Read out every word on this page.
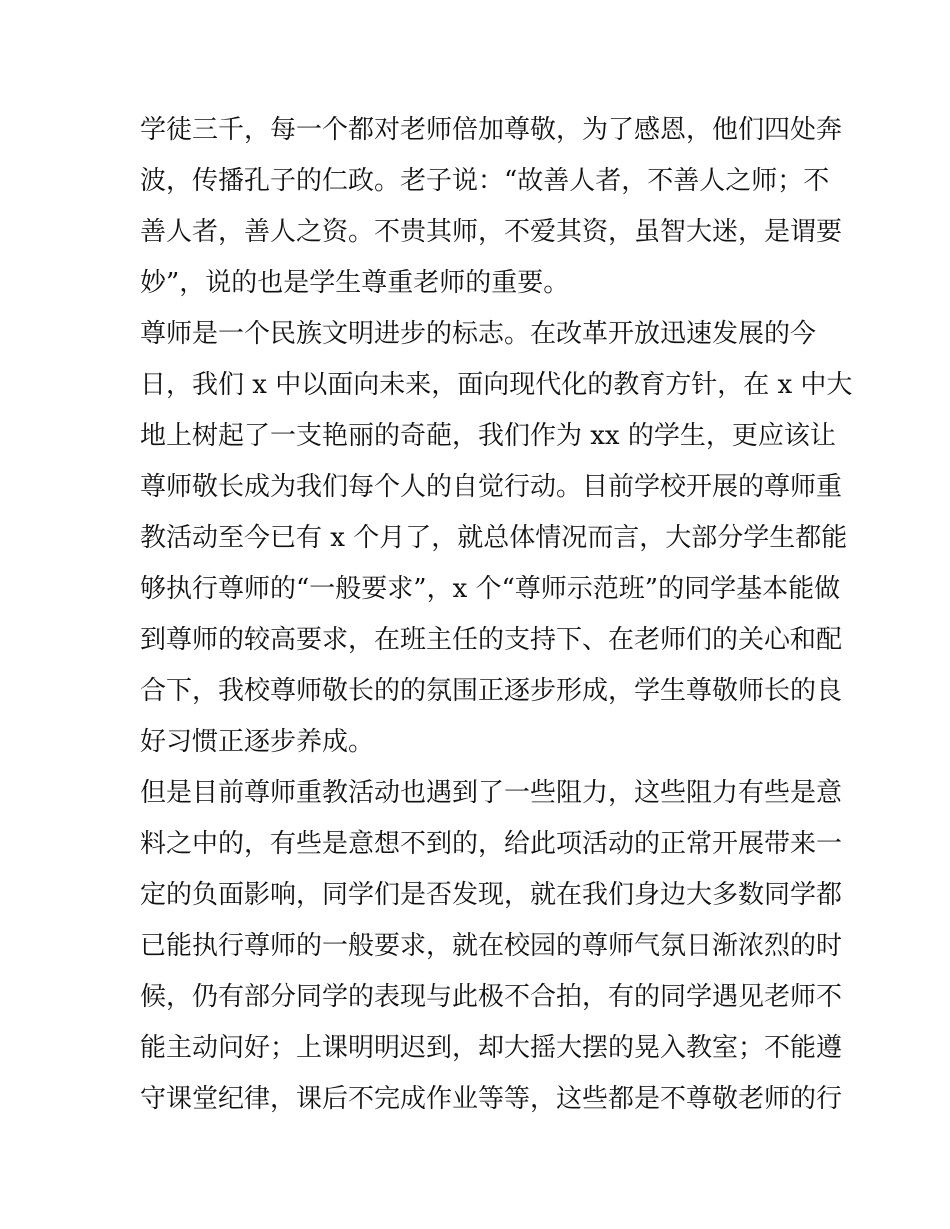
学徒三千，每一个都对老师倍加尊敬，为了感恩，他们四处奔
波，传播孔子的仁政。老子说：“故善人者，不善人之师；不
善人者，善人之资。不贵其师，不爱其资，虽智大迷，是谓要
妙”，说的也是学生尊重老师的重要。
尊师是一个民族文明进步的标志。在改革开放迅速发展的今
日，我们 x 中以面向未来，面向现代化的教育方针，在 x 中大
地上树起了一支艳丽的奇葩，我们作为 xx 的学生，更应该让
尊师敬长成为我们每个人的自觉行动。目前学校开展的尊师重
教活动至今已有 x 个月了，就总体情况而言，大部分学生都能
够执行尊师的“一般要求”，x 个“尊师示范班”的同学基本能做
到尊师的较高要求，在班主任的支持下、在老师们的关心和配
合下，我校尊师敬长的的氛围正逐步形成，学生尊敬师长的良
好习惯正逐步养成。
但是目前尊师重教活动也遇到了一些阻力，这些阻力有些是意
料之中的，有些是意想不到的，给此项活动的正常开展带来一
定的负面影响，同学们是否发现，就在我们身边大多数同学都
已能执行尊师的一般要求，就在校园的尊师气氛日渐浓烈的时
候，仍有部分同学的表现与此极不合拍，有的同学遇见老师不
能主动问好；上课明明迟到，却大摇大摆的晃入教室；不能遵
守课堂纪律，课后不完成作业等等，这些都是不尊敬老师的行
